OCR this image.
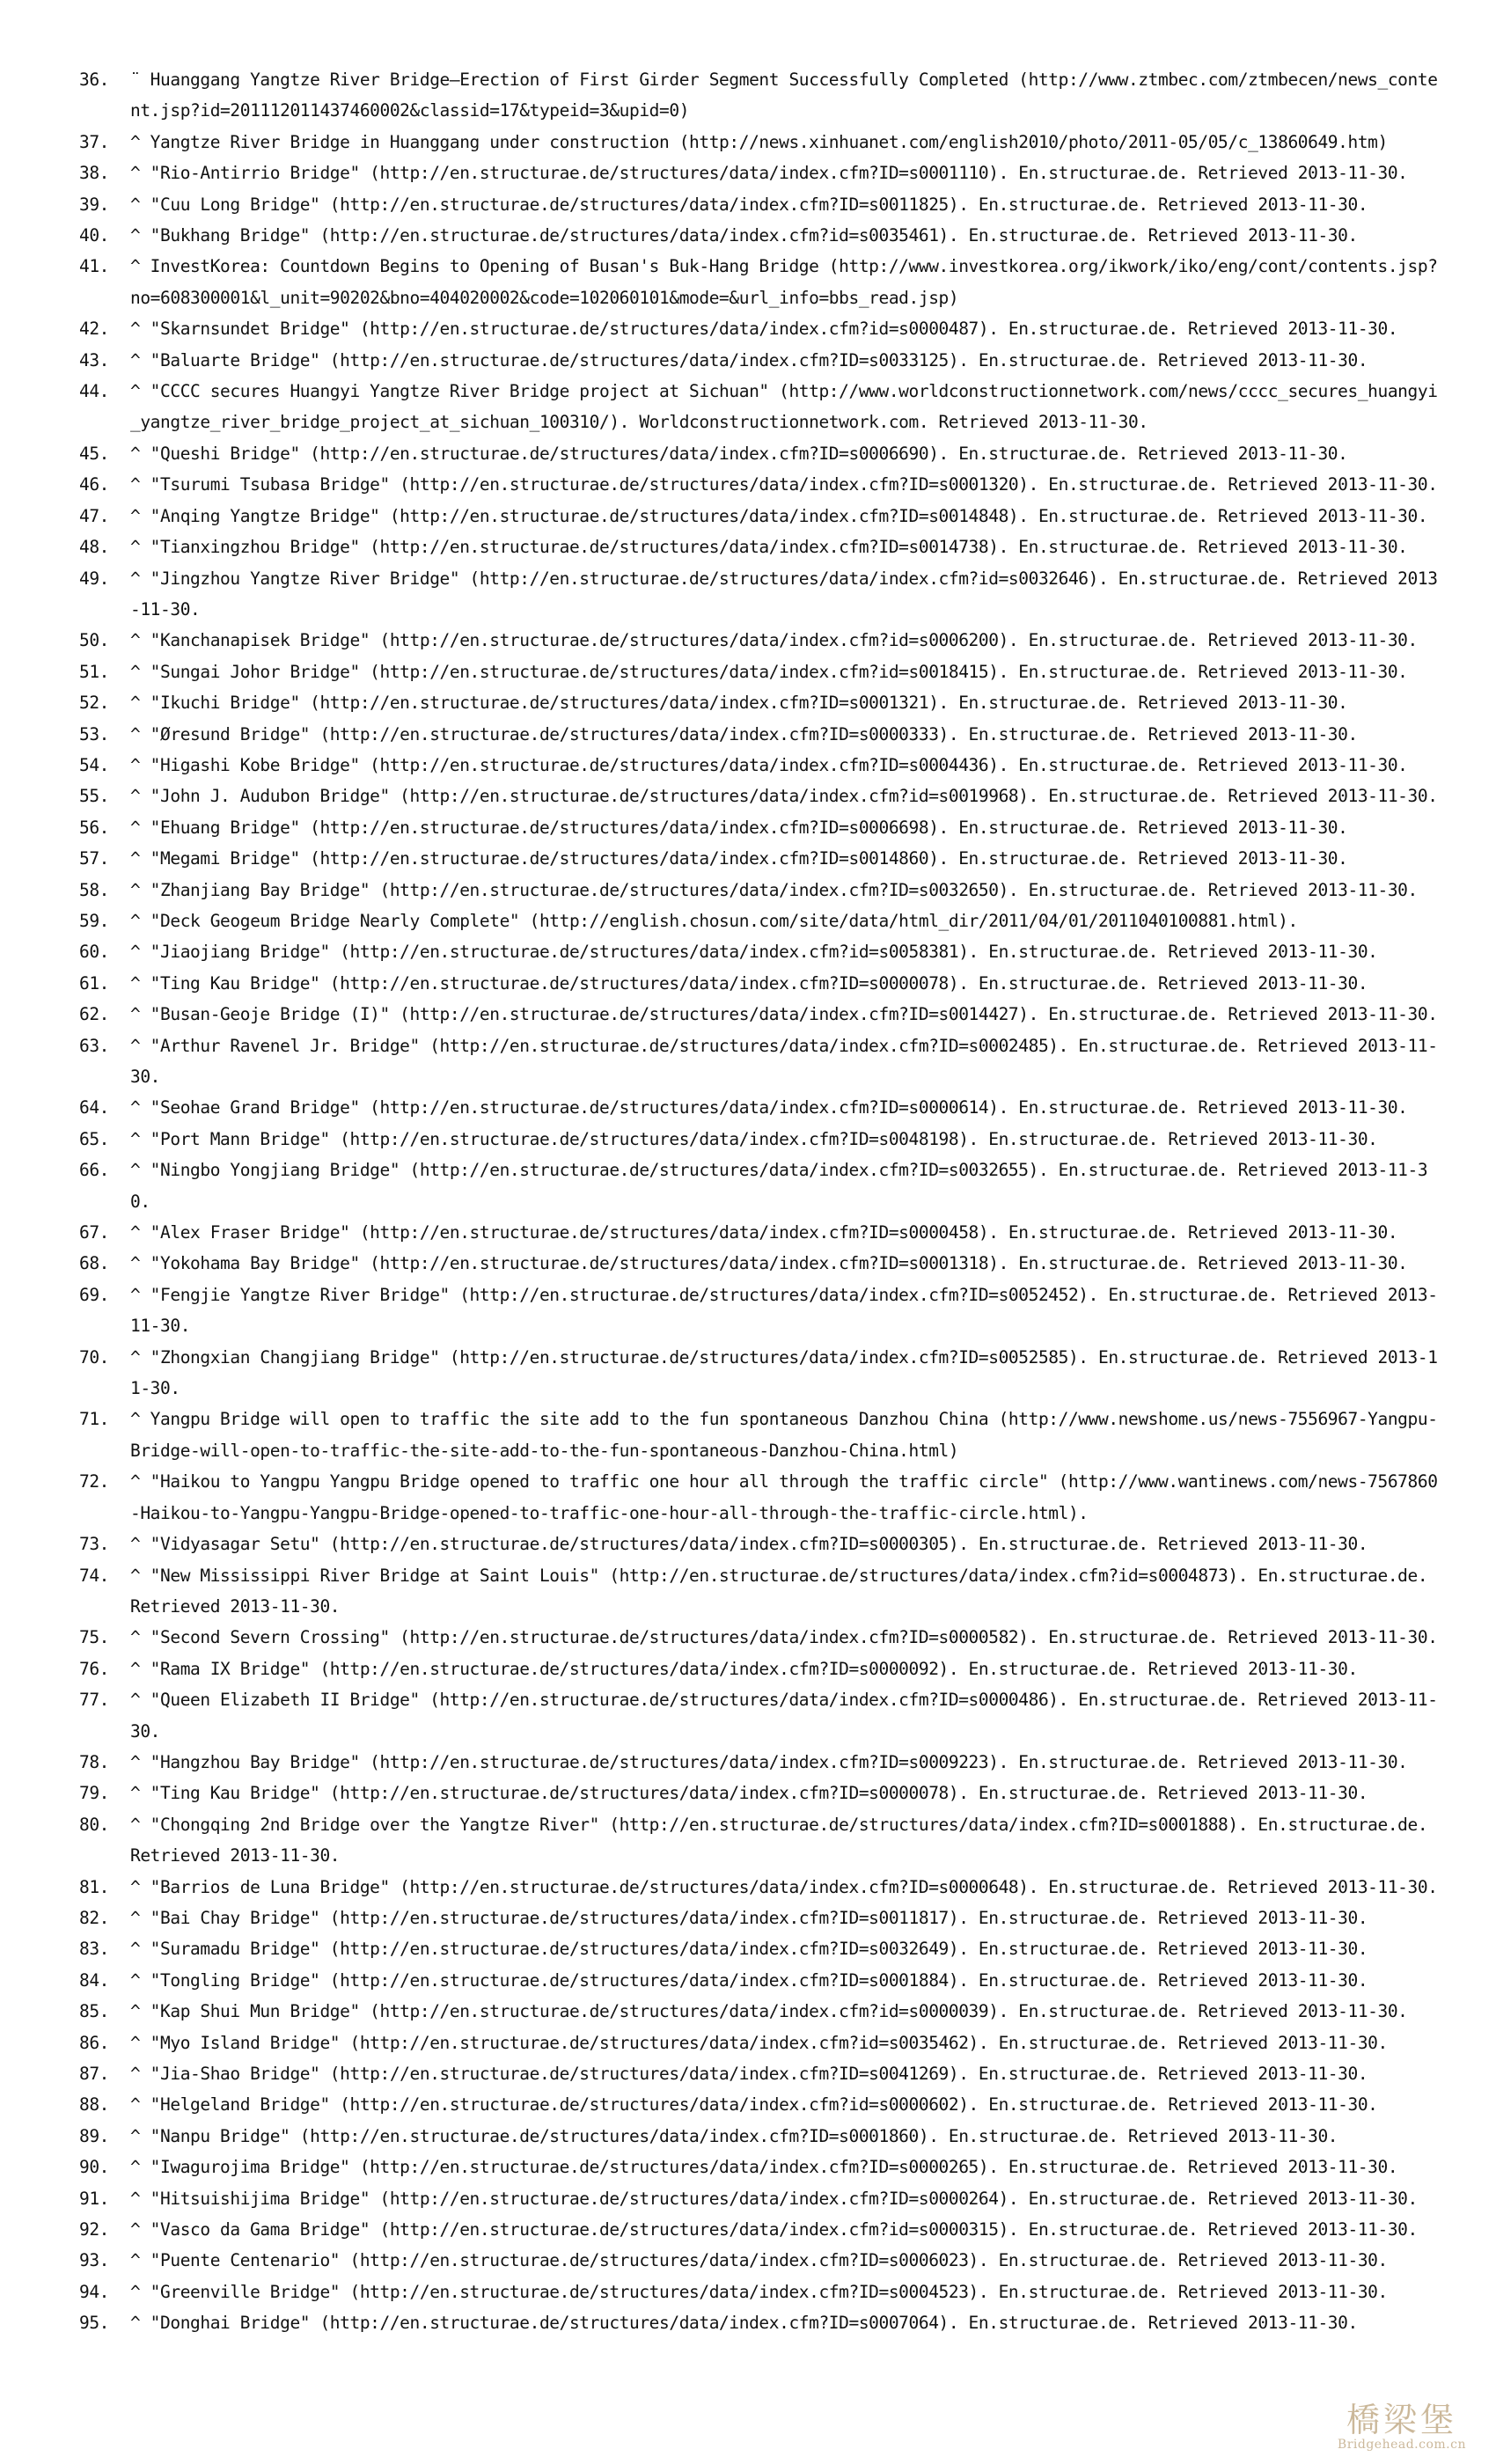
36.	¨ Huanggang Yangtze River Bridge—Erection of First Girder Segment Successfully Completed (http://www.ztmbec.com/ztmbecen/news_content.jsp?id=201112011437460002&classid=17&typeid=3&upid=0)
37.	^ Yangtze River Bridge in Huanggang under construction (http://news.xinhuanet.com/english2010/photo/2011-05/05/c_13860649.htm)
38.	^ "Rio-Antirrio Bridge" (http://en.structurae.de/structures/data/index.cfm?ID=s0001110). En.structurae.de. Retrieved 2013-11-30.
39.	^ "Cuu Long Bridge" (http://en.structurae.de/structures/data/index.cfm?ID=s0011825). En.structurae.de. Retrieved 2013-11-30.
40.	^ "Bukhang Bridge" (http://en.structurae.de/structures/data/index.cfm?id=s0035461). En.structurae.de. Retrieved 2013-11-30.
41.	^ InvestKorea: Countdown Begins to Opening of Busan's Buk-Hang Bridge (http://www.investkorea.org/ikwork/iko/eng/cont/contents.jsp? no=608300001&l_unit=90202&bno=404020002&code=102060101&mode=&url_info=bbs_read.jsp)
42.	^ "Skarnsundet Bridge" (http://en.structurae.de/structures/data/index.cfm?id=s0000487). En.structurae.de. Retrieved 2013-11-30.
43.	^ "Baluarte Bridge" (http://en.structurae.de/structures/data/index.cfm?ID=s0033125). En.structurae.de. Retrieved 2013-11-30.
44.	^ "CCCC secures Huangyi Yangtze River Bridge project at Sichuan" (http://www.worldconstructionnetwork.com/news/cccc_secures_huangyi_yangtze_river_bridge_project_at_sichuan_100310/). Worldconstructionnetwork.com. Retrieved 2013-11-30.
45.	^ "Queshi Bridge" (http://en.structurae.de/structures/data/index.cfm?ID=s0006690). En.structurae.de. Retrieved 2013-11-30.
46.	^ "Tsurumi Tsubasa Bridge" (http://en.structurae.de/structures/data/index.cfm?ID=s0001320). En.structurae.de. Retrieved 2013-11-30.
47.	^ "Anqing Yangtze Bridge" (http://en.structurae.de/structures/data/index.cfm?ID=s0014848). En.structurae.de. Retrieved 2013-11-30.
48.	^ "Tianxingzhou Bridge" (http://en.structurae.de/structures/data/index.cfm?ID=s0014738). En.structurae.de. Retrieved 2013-11-30.
49.	^ "Jingzhou Yangtze River Bridge" (http://en.structurae.de/structures/data/index.cfm?id=s0032646). En.structurae.de. Retrieved 2013-11-30.
50.	^ "Kanchanapisek Bridge" (http://en.structurae.de/structures/data/index.cfm?id=s0006200). En.structurae.de. Retrieved 2013-11-30.
51.	^ "Sungai Johor Bridge" (http://en.structurae.de/structures/data/index.cfm?id=s0018415). En.structurae.de. Retrieved 2013-11-30.
52.	^ "Ikuchi Bridge" (http://en.structurae.de/structures/data/index.cfm?ID=s0001321). En.structurae.de. Retrieved 2013-11-30.
53.	^ "Øresund Bridge" (http://en.structurae.de/structures/data/index.cfm?ID=s0000333). En.structurae.de. Retrieved 2013-11-30.
54.	^ "Higashi Kobe Bridge" (http://en.structurae.de/structures/data/index.cfm?ID=s0004436). En.structurae.de. Retrieved 2013-11-30.
55.	^ "John J. Audubon Bridge" (http://en.structurae.de/structures/data/index.cfm?id=s0019968). En.structurae.de. Retrieved 2013-11-30.
56.	^ "Ehuang Bridge" (http://en.structurae.de/structures/data/index.cfm?ID=s0006698). En.structurae.de. Retrieved 2013-11-30.
57.	^ "Megami Bridge" (http://en.structurae.de/structures/data/index.cfm?ID=s0014860). En.structurae.de. Retrieved 2013-11-30.
58.	^ "Zhanjiang Bay Bridge" (http://en.structurae.de/structures/data/index.cfm?ID=s0032650). En.structurae.de. Retrieved 2013-11-30.
59.	^ "Deck Geogeum Bridge Nearly Complete" (http://english.chosun.com/site/data/html_dir/2011/04/01/2011040100881.html).
60.	^ "Jiaojiang Bridge" (http://en.structurae.de/structures/data/index.cfm?id=s0058381). En.structurae.de. Retrieved 2013-11-30.
61.	^ "Ting Kau Bridge" (http://en.structurae.de/structures/data/index.cfm?ID=s0000078). En.structurae.de. Retrieved 2013-11-30.
62.	^ "Busan-Geoje Bridge (I)" (http://en.structurae.de/structures/data/index.cfm?ID=s0014427). En.structurae.de. Retrieved 2013-11-30.
63.	^ "Arthur Ravenel Jr. Bridge" (http://en.structurae.de/structures/data/index.cfm?ID=s0002485). En.structurae.de. Retrieved 2013-11-30.
64.	^ "Seohae Grand Bridge" (http://en.structurae.de/structures/data/index.cfm?ID=s0000614). En.structurae.de. Retrieved 2013-11-30.
65.	^ "Port Mann Bridge" (http://en.structurae.de/structures/data/index.cfm?ID=s0048198). En.structurae.de. Retrieved 2013-11-30.
66.	^ "Ningbo Yongjiang Bridge" (http://en.structurae.de/structures/data/index.cfm?ID=s0032655). En.structurae.de. Retrieved 2013-11-30.
67.	^ "Alex Fraser Bridge" (http://en.structurae.de/structures/data/index.cfm?ID=s0000458). En.structurae.de. Retrieved 2013-11-30.
68.	^ "Yokohama Bay Bridge" (http://en.structurae.de/structures/data/index.cfm?ID=s0001318). En.structurae.de. Retrieved 2013-11-30.
69.	^ "Fengjie Yangtze River Bridge" (http://en.structurae.de/structures/data/index.cfm?ID=s0052452). En.structurae.de. Retrieved 2013-11-30.
70.	^ "Zhongxian Changjiang Bridge" (http://en.structurae.de/structures/data/index.cfm?ID=s0052585). En.structurae.de. Retrieved 2013-11-30.
71.	^ Yangpu Bridge will open to traffic the site add to the fun spontaneous Danzhou China (http://www.newshome.us/news-7556967-Yangpu-Bridge-will-open-to-traffic-the-site-add-to-the-fun-spontaneous-Danzhou-China.html)
72.	^ "Haikou to Yangpu Yangpu Bridge opened to traffic one hour all through the traffic circle" (http://www.wantinews.com/news-7567860-Haikou-to-Yangpu-Yangpu-Bridge-opened-to-traffic-one-hour-all-through-the-traffic-circle.html).
73.	^ "Vidyasagar Setu" (http://en.structurae.de/structures/data/index.cfm?ID=s0000305). En.structurae.de. Retrieved 2013-11-30.
74.	^ "New Mississippi River Bridge at Saint Louis" (http://en.structurae.de/structures/data/index.cfm?id=s0004873). En.structurae.de. Retrieved 2013-11-30.
75.	^ "Second Severn Crossing" (http://en.structurae.de/structures/data/index.cfm?ID=s0000582). En.structurae.de. Retrieved 2013-11-30.
76.	^ "Rama IX Bridge" (http://en.structurae.de/structures/data/index.cfm?ID=s0000092). En.structurae.de. Retrieved 2013-11-30.
77.	^ "Queen Elizabeth II Bridge" (http://en.structurae.de/structures/data/index.cfm?ID=s0000486). En.structurae.de. Retrieved 2013-11-30.
78.	^ "Hangzhou Bay Bridge" (http://en.structurae.de/structures/data/index.cfm?ID=s0009223). En.structurae.de. Retrieved 2013-11-30.
79.	^ "Ting Kau Bridge" (http://en.structurae.de/structures/data/index.cfm?ID=s0000078). En.structurae.de. Retrieved 2013-11-30.
80.	^ "Chongqing 2nd Bridge over the Yangtze River" (http://en.structurae.de/structures/data/index.cfm?ID=s0001888). En.structurae.de. Retrieved 2013-11-30.
81.	^ "Barrios de Luna Bridge" (http://en.structurae.de/structures/data/index.cfm?ID=s0000648). En.structurae.de. Retrieved 2013-11-30.
82.	^ "Bai Chay Bridge" (http://en.structurae.de/structures/data/index.cfm?ID=s0011817). En.structurae.de. Retrieved 2013-11-30.
83.	^ "Suramadu Bridge" (http://en.structurae.de/structures/data/index.cfm?ID=s0032649). En.structurae.de. Retrieved 2013-11-30.
84.	^ "Tongling Bridge" (http://en.structurae.de/structures/data/index.cfm?ID=s0001884). En.structurae.de. Retrieved 2013-11-30.
85.	^ "Kap Shui Mun Bridge" (http://en.structurae.de/structures/data/index.cfm?id=s0000039). En.structurae.de. Retrieved 2013-11-30.
86.	^ "Myo Island Bridge" (http://en.structurae.de/structures/data/index.cfm?id=s0035462). En.structurae.de. Retrieved 2013-11-30.
87.	^ "Jia-Shao Bridge" (http://en.structurae.de/structures/data/index.cfm?ID=s0041269). En.structurae.de. Retrieved 2013-11-30.
88.	^ "Helgeland Bridge" (http://en.structurae.de/structures/data/index.cfm?id=s0000602). En.structurae.de. Retrieved 2013-11-30.
89.	^ "Nanpu Bridge" (http://en.structurae.de/structures/data/index.cfm?ID=s0001860). En.structurae.de. Retrieved 2013-11-30.
90.	^ "Iwagurojima Bridge" (http://en.structurae.de/structures/data/index.cfm?ID=s0000265). En.structurae.de. Retrieved 2013-11-30.
91.	^ "Hitsuishijima Bridge" (http://en.structurae.de/structures/data/index.cfm?ID=s0000264). En.structurae.de. Retrieved 2013-11-30.
92.	^ "Vasco da Gama Bridge" (http://en.structurae.de/structures/data/index.cfm?id=s0000315). En.structurae.de. Retrieved 2013-11-30.
93.	^ "Puente Centenario" (http://en.structurae.de/structures/data/index.cfm?ID=s0006023). En.structurae.de. Retrieved 2013-11-30.
94.	^ "Greenville Bridge" (http://en.structurae.de/structures/data/index.cfm?ID=s0004523). En.structurae.de. Retrieved 2013-11-30.
95.	^ "Donghai Bridge" (http://en.structurae.de/structures/data/index.cfm?ID=s0007064). En.structurae.de. Retrieved 2013-11-30.
橋梁堡
Bridgehead.com.cn
